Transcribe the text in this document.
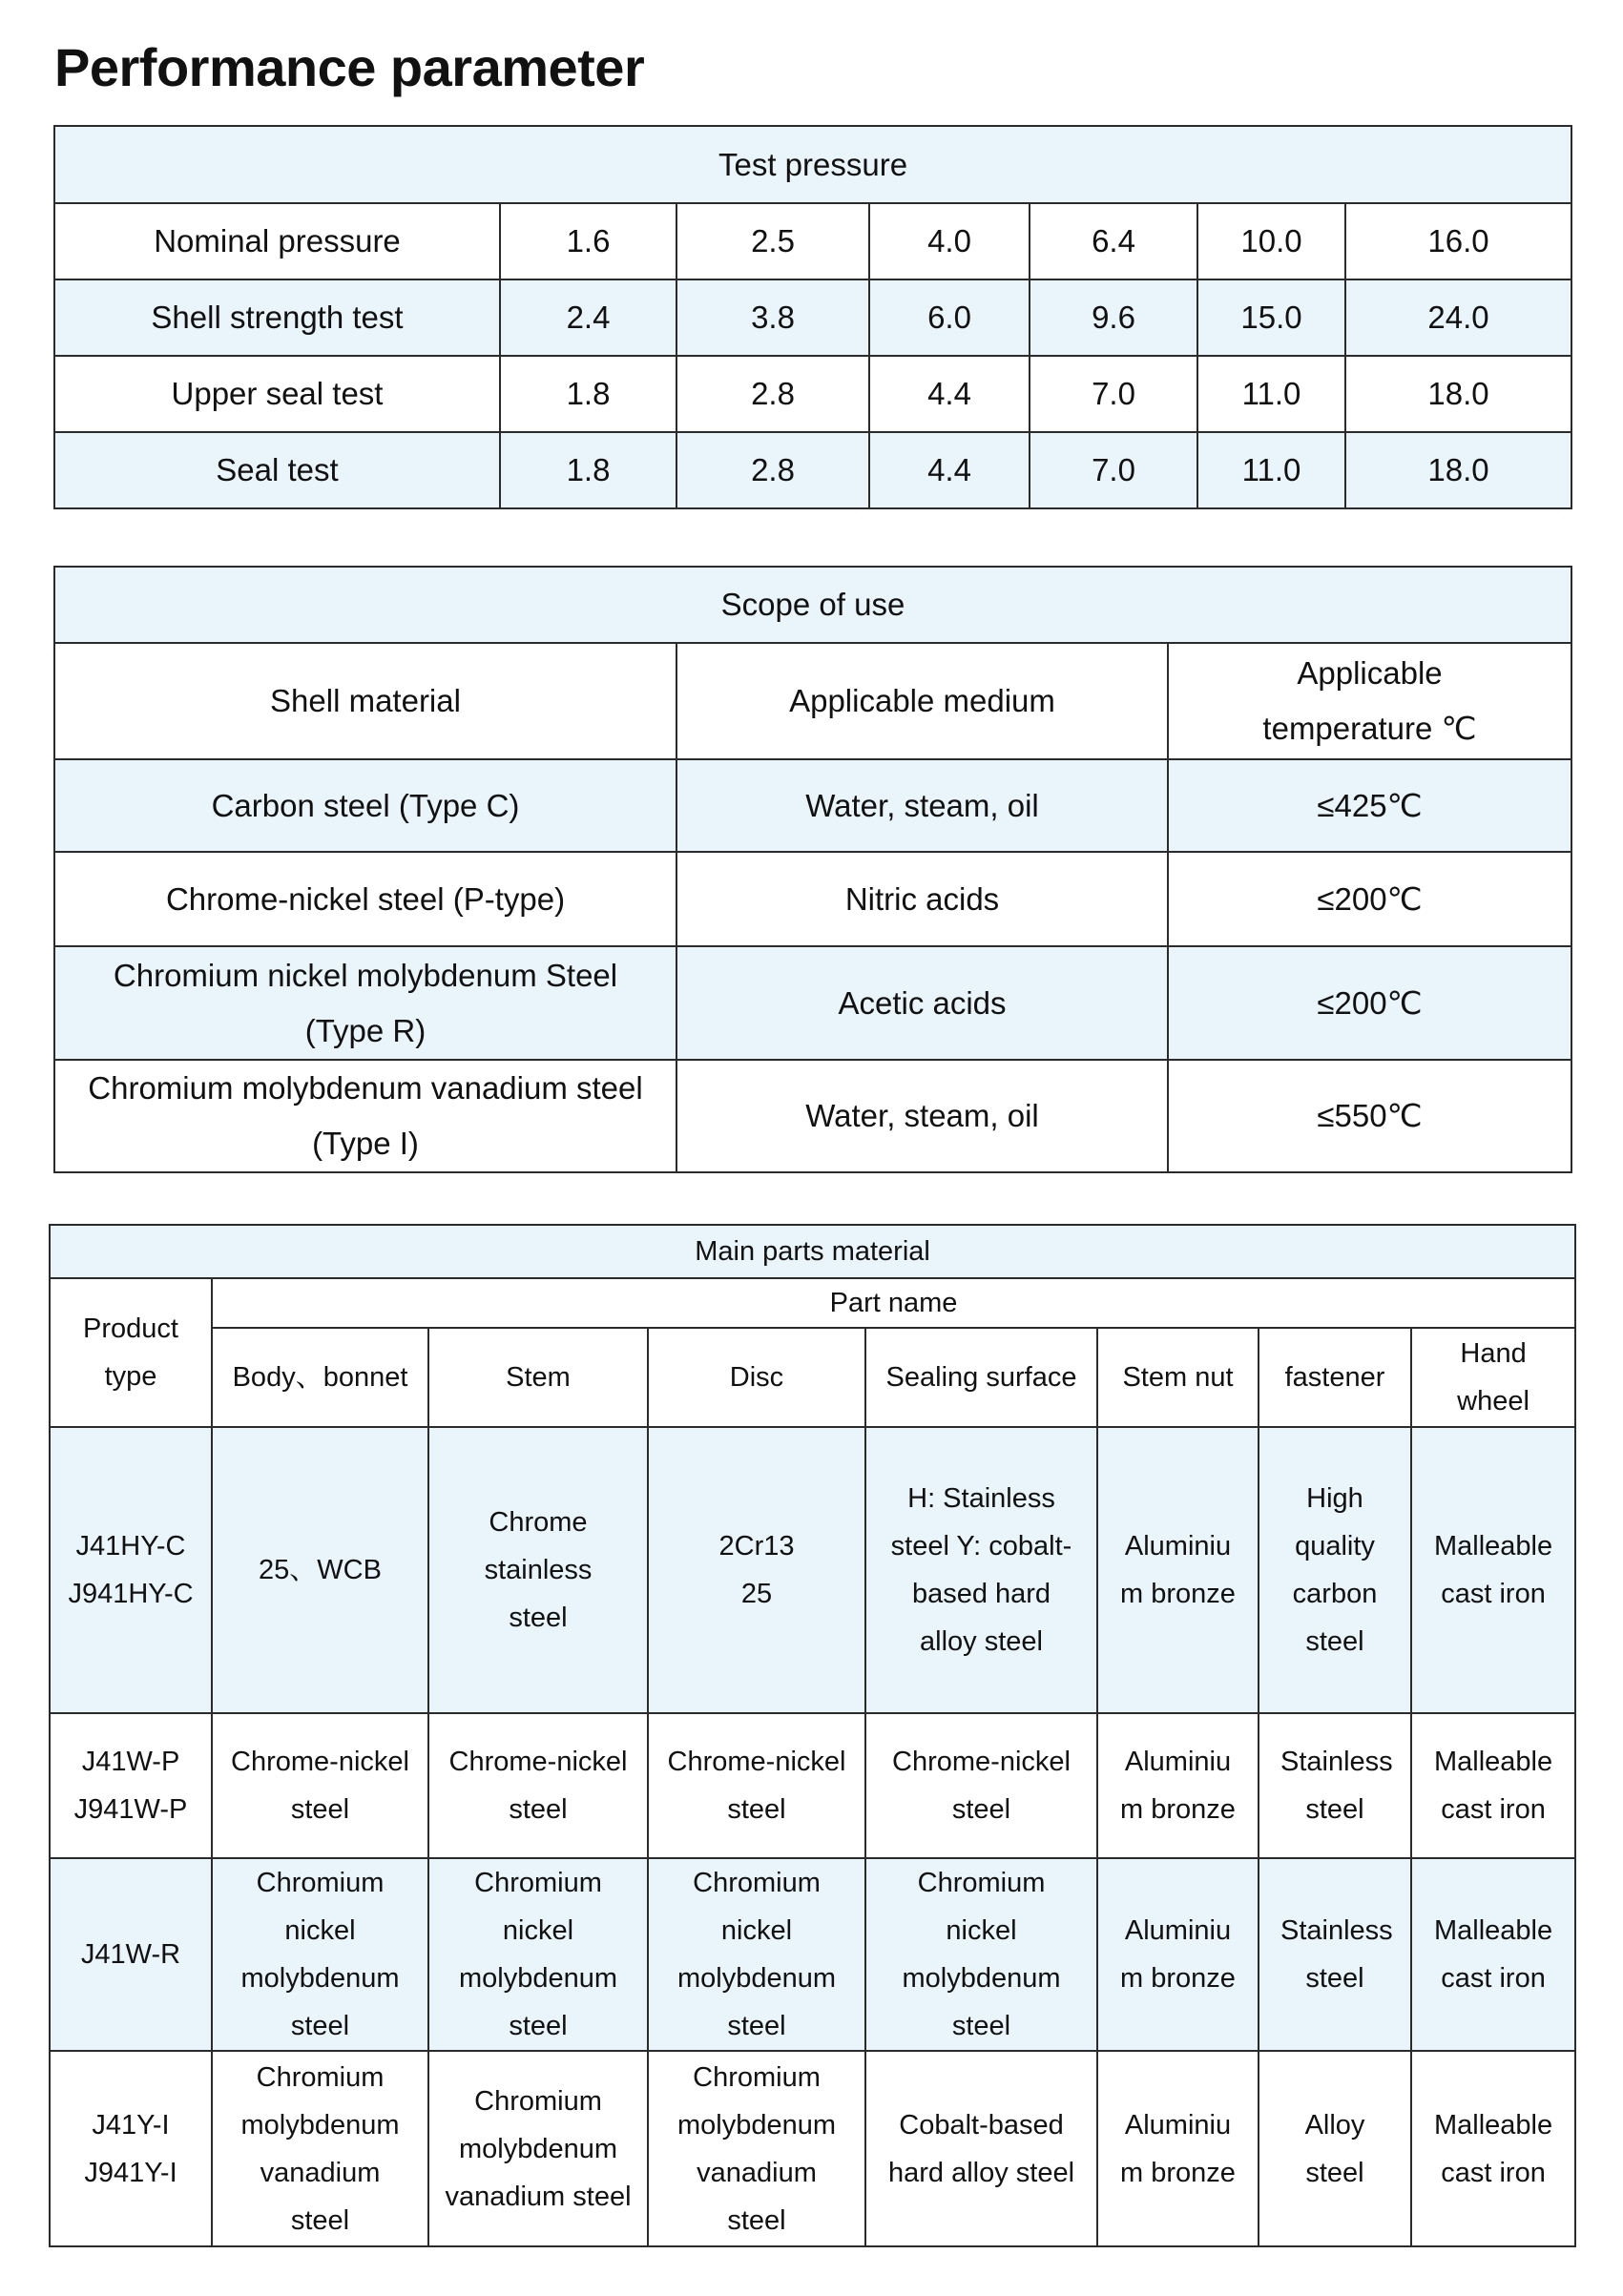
Performance parameter
Test pressure						
Nominal pressure	1.6	2.5	4.0	6.4	10.0	16.0
Shell strength test	2.4	3.8	6.0	9.6	15.0	24.0
Upper seal test	1.8	2.8	4.4	7.0	11.0	18.0
Seal test	1.8	2.8	4.4	7.0	11.0	18.0
Scope of use		
Shell material	Applicable medium	Applicable temperature ℃
Carbon steel (Type C)	Water, steam, oil	≤425℃
Chrome-nickel steel (P-type)	Nitric acids	≤200℃
Chromium nickel molybdenum Steel (Type R)	Acetic acids	≤200℃
Chromium molybdenum vanadium steel (Type I)	Water, steam, oil	≤550℃
Main parts material							
Product type	Part name						
	Body、bonnet	Stem	Disc	Sealing surface	Stem nut	fastener	Hand wheel
J41HY-C J941HY-C	25、WCB	Chrome stainless steel	2Cr13 25	H: Stainless steel Y: cobalt-based hard alloy steel	Aluminium bronze	High quality carbon steel	Malleable cast iron
J41W-P J941W-P	Chrome-nickel steel	Chrome-nickel steel	Chrome-nickel steel	Chrome-nickel steel	Aluminium bronze	Stainless steel	Malleable cast iron
J41W-R	Chromium nickel molybdenum steel	Chromium nickel molybdenum steel	Chromium nickel molybdenum steel	Chromium nickel molybdenum steel	Aluminium bronze	Stainless steel	Malleable cast iron
J41Y-I J941Y-I	Chromium molybdenum vanadium steel	Chromium molybdenum vanadium steel	Chromium molybdenum vanadium steel	Cobalt-based hard alloy steel	Aluminium bronze	Alloy steel	Malleable cast iron
